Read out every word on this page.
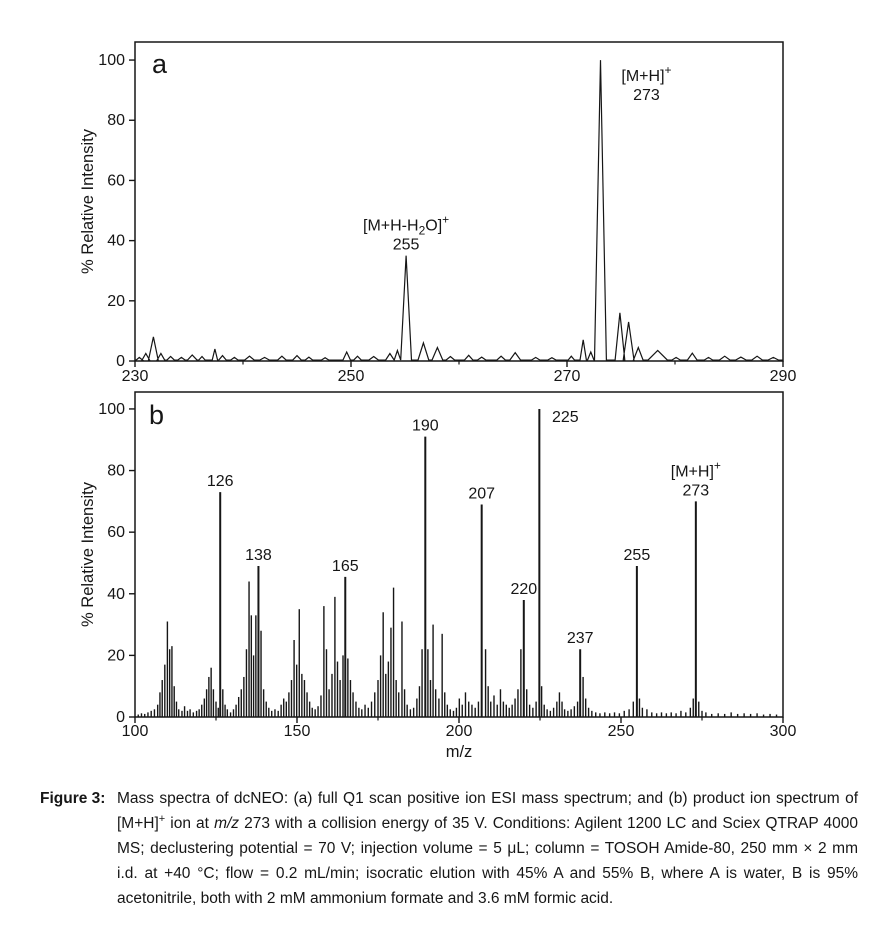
0
20
40
60
80
100
230	250	270	290
% Relative Intensity
a
$[M+H-H_2O]^+$
255
[M+H]+
273
0
20
40
60
80
100
100	150	200	250	300
% Relative Intensity
m/z
b
126
138
165
190
207
220
225
237
255
[M+H]+
273
Figure 3: Mass spectra of dcNEO: (a) full Q1 scan positive ion ESI mass spectrum; and (b) product ion spectrum of [M+H]+ ion at m/z 273 with a collision energy of 35 V. Conditions: Agilent 1200 LC and Sciex QTRAP 4000 MS; declustering potential = 70 V; injection volume = 5 μL; column = TOSOH Amide-80, 250 mm × 2 mm i.d. at +40 °C; flow = 0.2 mL/min; isocratic elution with 45% A and 55% B, where A is water, B is 95% acetonitrile, both with 2 mM ammonium formate and 3.6 mM formic acid.
